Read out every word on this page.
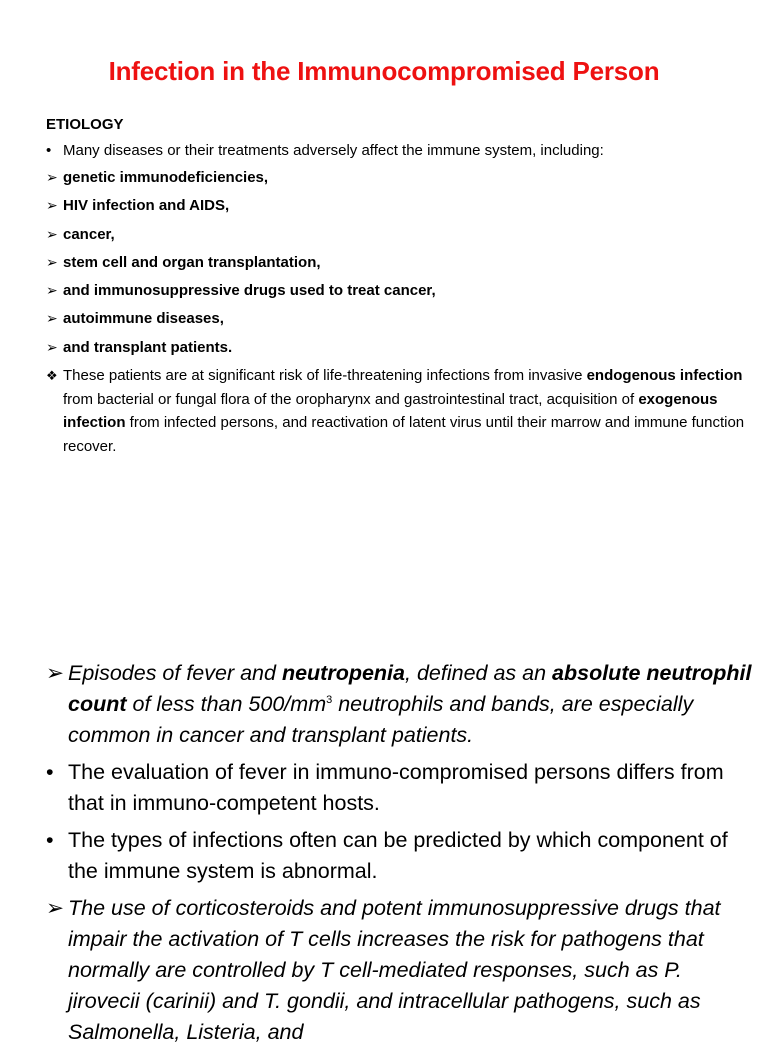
Infection in the Immunocompromised Person
ETIOLOGY
• Many diseases or their treatments adversely affect the immune system, including:
➢ genetic immunodeficiencies,
➢ HIV infection and AIDS,
➢ cancer,
➢ stem cell and organ transplantation,
➢ and immunosuppressive drugs used to treat cancer,
➢ autoimmune diseases,
➢ and transplant patients.
❖ These patients are at significant risk of life-threatening infections from invasive endogenous infection from bacterial or fungal flora of the oropharynx and gastrointestinal tract, acquisition of exogenous infection from infected persons, and reactivation of latent virus until their marrow and immune function recover.
➢ Episodes of fever and neutropenia, defined as an absolute neutrophil count of less than $500/mm^3$ neutrophils and bands, are especially common in cancer and transplant patients.
• The evaluation of fever in immuno-compromised persons differs from that in immuno-competent hosts.
• The types of infections often can be predicted by which component of the immune system is abnormal.
➢ The use of corticosteroids and potent immunosuppressive drugs that impair the activation of T cells increases the risk for pathogens that normally are controlled by T cell-mediated responses, such as P. jirovecii (carinii) and T. gondii, and intracellular pathogens, such as Salmonella, Listeria, and
